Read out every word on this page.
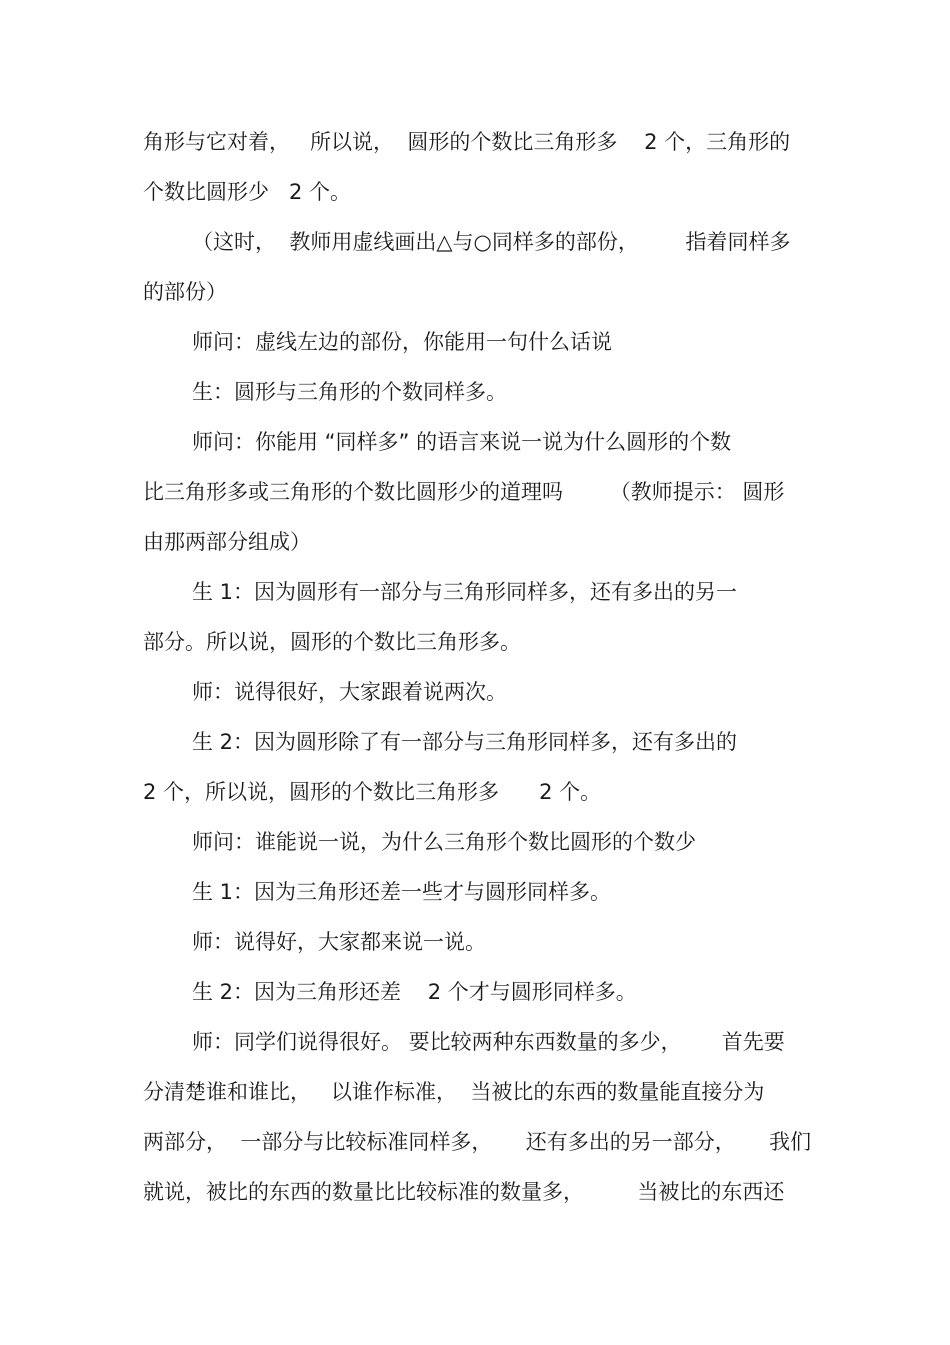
角形与它对着，   所以说，  圆形的个数比三角形多    2 个，三角形的

个数比圆形少   2 个。

（这时，  教师用虚线画出△与○同样多的部份，       指着同样多

的部份）

师问：虚线左边的部份，你能用一句什么话说

生：圆形与三角形的个数同样多。

师问：你能用 “同样多” 的语言来说一说为什么圆形的个数

比三角形多或三角形的个数比圆形少的道理吗       （教师提示： 圆形

由那两部分组成）

生 1：因为圆形有一部分与三角形同样多，还有多出的另一

部分。所以说，圆形的个数比三角形多。

师：说得很好，大家跟着说两次。

生 2：因为圆形除了有一部分与三角形同样多，还有多出的

2 个，所以说，圆形的个数比三角形多      2 个。

师问：谁能说一说，为什么三角形个数比圆形的个数少

生 1：因为三角形还差一些才与圆形同样多。

师：说得好，大家都来说一说。

生 2：因为三角形还差    2 个才与圆形同样多。

师：同学们说得很好。 要比较两种东西数量的多少，      首先要

分清楚谁和谁比，   以谁作标准，  当被比的东西的数量能直接分为

两部分，  一部分与比较标准同样多，     还有多出的另一部分，     我们

就说，被比的东西的数量比比较标准的数量多，        当被比的东西还
